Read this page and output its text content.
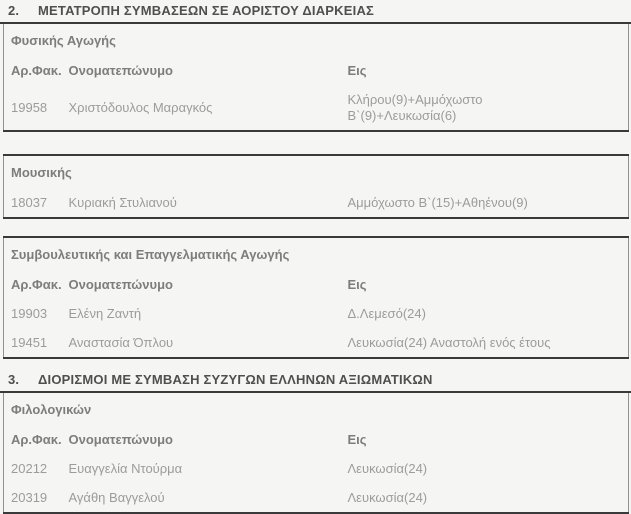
2.	ΜΕΤΑΤΡΟΠΗ ΣΥΜΒΑΣΕΩΝ ΣΕ ΑΟΡΙΣΤΟΥ ΔΙΑΡΚΕΙΑΣ
Φυσικής Αγωγής		
Αρ.Φακ.	Ονοματεπώνυμο	Εις
19958	Χριστόδουλος Μαραγκός	Κλήρου(9)+Αμμόχωστο Β`(9)+Λευκωσία(6)
Μουσικής
18037	Κυριακή Στυλιανού	Αμμόχωστο Β`(15)+Αθηένου(9)
Συμβουλευτικής και Επαγγελματικής Αγωγής		
Αρ.Φακ.	Ονοματεπώνυμο	Εις
19903	Ελένη Ζαντή	Δ.Λεμεσό(24)
19451	Αναστασία Όπλου	Λευκωσία(24) Αναστολή ενός έτους
3.	ΔΙΟΡΙΣΜΟΙ ΜΕ ΣΥΜΒΑΣΗ ΣΥΖΥΓΩΝ ΕΛΛΗΝΩΝ ΑΞΙΩΜΑΤΙΚΩΝ
Φιλολογικών		
Αρ.Φακ.	Ονοματεπώνυμο	Εις
20212	Ευαγγελία Ντούρμα	Λευκωσία(24)
20319	Αγάθη Βαγγελού	Λευκωσία(24)
